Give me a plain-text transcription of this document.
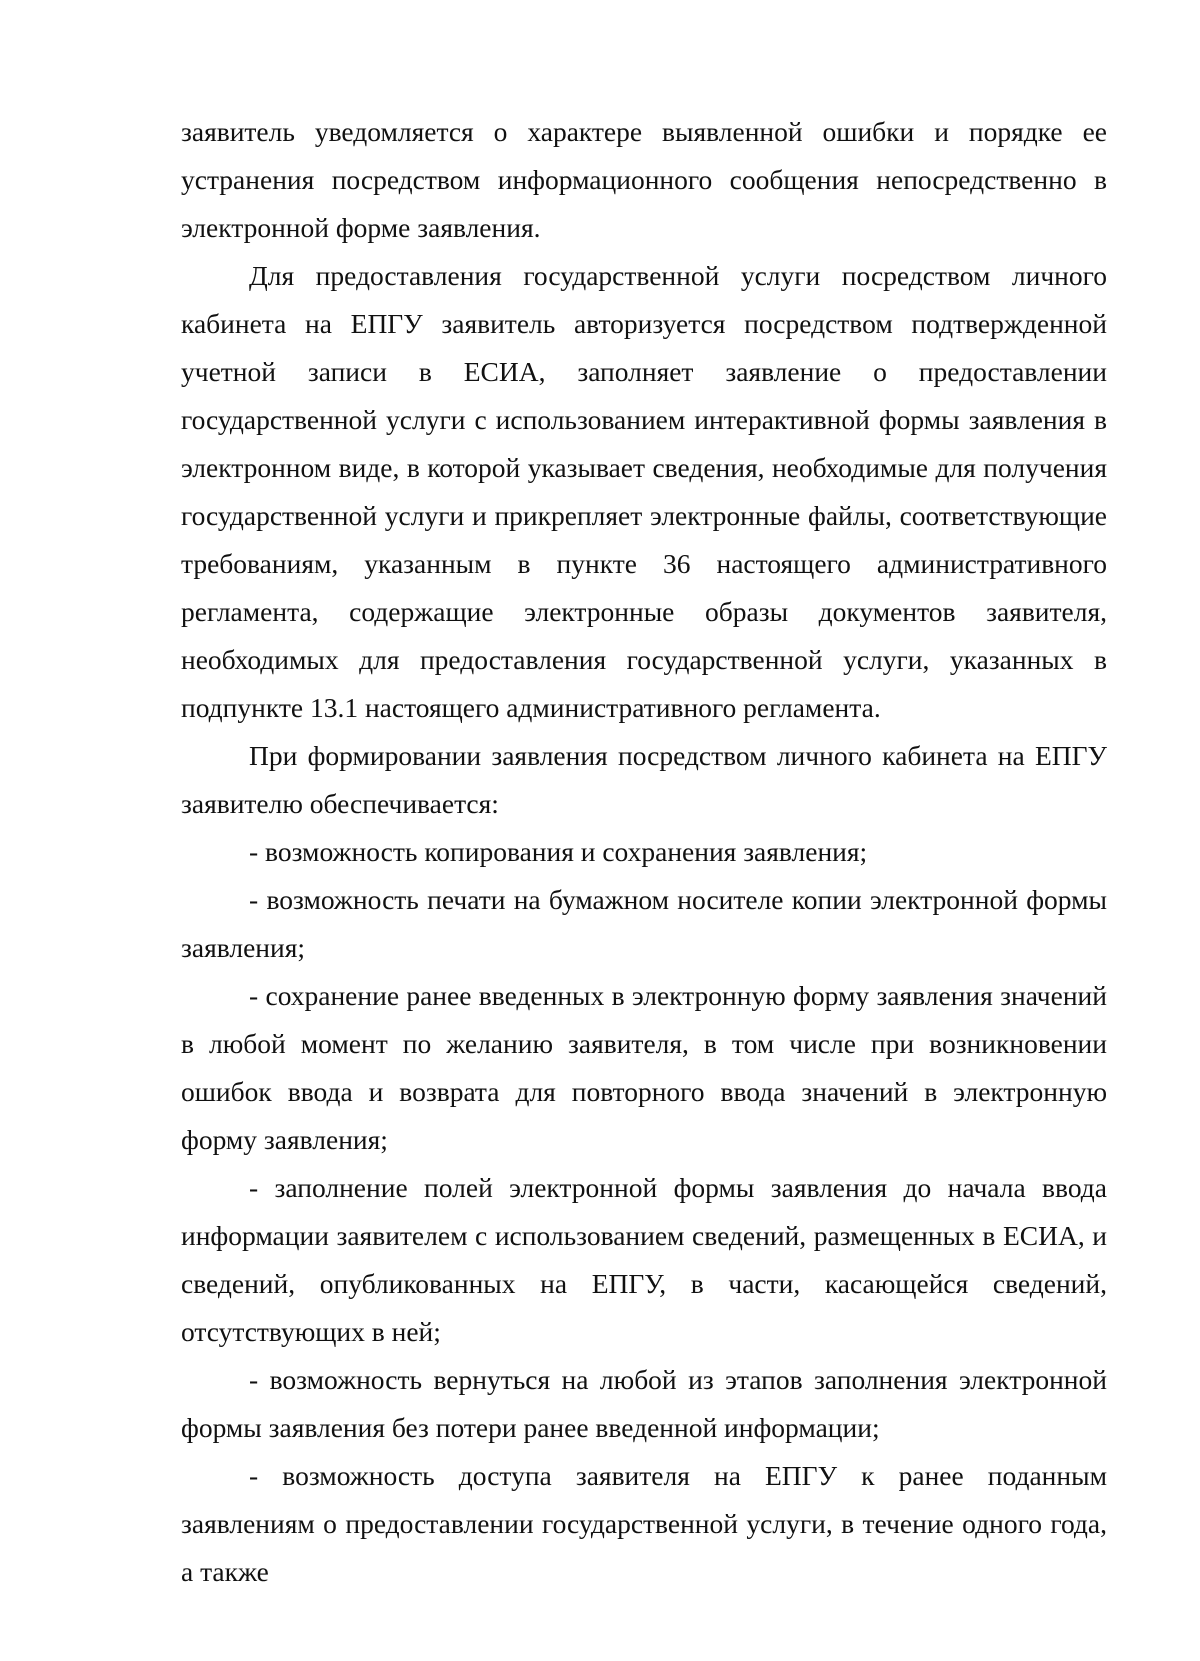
заявитель уведомляется о характере выявленной ошибки и порядке ее устранения посредством информационного сообщения непосредственно в электронной форме заявления.

Для предоставления государственной услуги посредством личного кабинета на ЕПГУ заявитель авторизуется посредством подтвержденной учетной записи в ЕСИА, заполняет заявление о предоставлении государственной услуги с использованием интерактивной формы заявления в электронном виде, в которой указывает сведения, необходимые для получения государственной услуги и прикрепляет электронные файлы, соответствующие требованиям, указанным в пункте 36 настоящего административного регламента, содержащие электронные образы документов заявителя, необходимых для предоставления государственной услуги, указанных в подпункте 13.1 настоящего административного регламента.

При формировании заявления посредством личного кабинета на ЕПГУ заявителю обеспечивается:

- возможность копирования и сохранения заявления;

- возможность печати на бумажном носителе копии электронной формы заявления;

- сохранение ранее введенных в электронную форму заявления значений в любой момент по желанию заявителя, в том числе при возникновении ошибок ввода и возврата для повторного ввода значений в электронную форму заявления;

- заполнение полей электронной формы заявления до начала ввода информации заявителем с использованием сведений, размещенных в ЕСИА, и сведений, опубликованных на ЕПГУ, в части, касающейся сведений, отсутствующих в ней;

- возможность вернуться на любой из этапов заполнения электронной формы заявления без потери ранее введенной информации;

- возможность доступа заявителя на ЕПГУ к ранее поданным заявлениям о предоставлении государственной услуги, в течение одного года, а также
